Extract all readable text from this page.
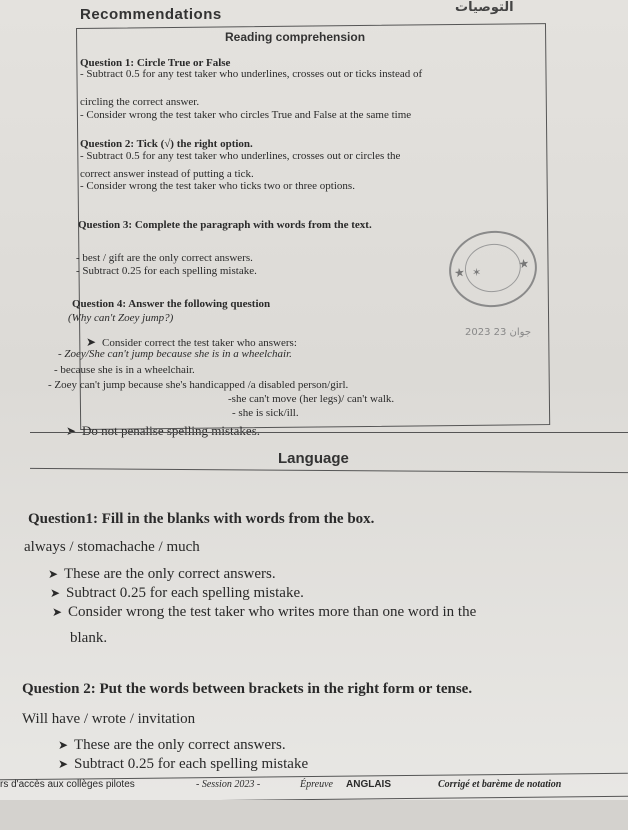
Recommendations	التوصيات
Reading comprehension
Question 1: Circle True or False
- Subtract 0.5 for any test taker who underlines, crosses out or ticks instead of
circling the correct answer.
- Consider wrong the test taker who circles True and False at the same time
Question 2: Tick (√) the right option.
- Subtract 0.5 for any test taker who underlines, crosses out or circles the
correct answer instead of putting a tick.
- Consider wrong the test taker who ticks two or three options.
Question 3: Complete the paragraph with words from the text.
- best / gift are the only correct answers.
- Subtract 0.25 for each spelling mistake.	★
★
✶
Question 4: Answer the following question
(Why can't Zoey jump?)
➤ Consider correct the test taker who answers:
2023 جوان 23
- Zoey/She can't jump because she is in a wheelchair.
- because she is in a wheelchair.
- Zoey can't jump because she's handicapped /a disabled person/girl.
-she can't move (her legs)/ can't walk.
- she is sick/ill.
➤ Do not penalise spelling mistakes.
Language
Question1: Fill in the blanks with words from the box.
always / stomachache / much
➤ These are the only correct answers.
➤ Subtract 0.25 for each spelling mistake.
➤ Consider wrong the test taker who writes more than one word in the
blank.
Question 2: Put the words between brackets in the right form or tense.
Will have / wrote / invitation
➤ These are the only correct answers.
➤ Subtract 0.25 for each spelling mistake
rs d'accès aux collèges pilotes	- Session 2023 -	Épreuve ANGLAIS	Corrigé et barème de notation
